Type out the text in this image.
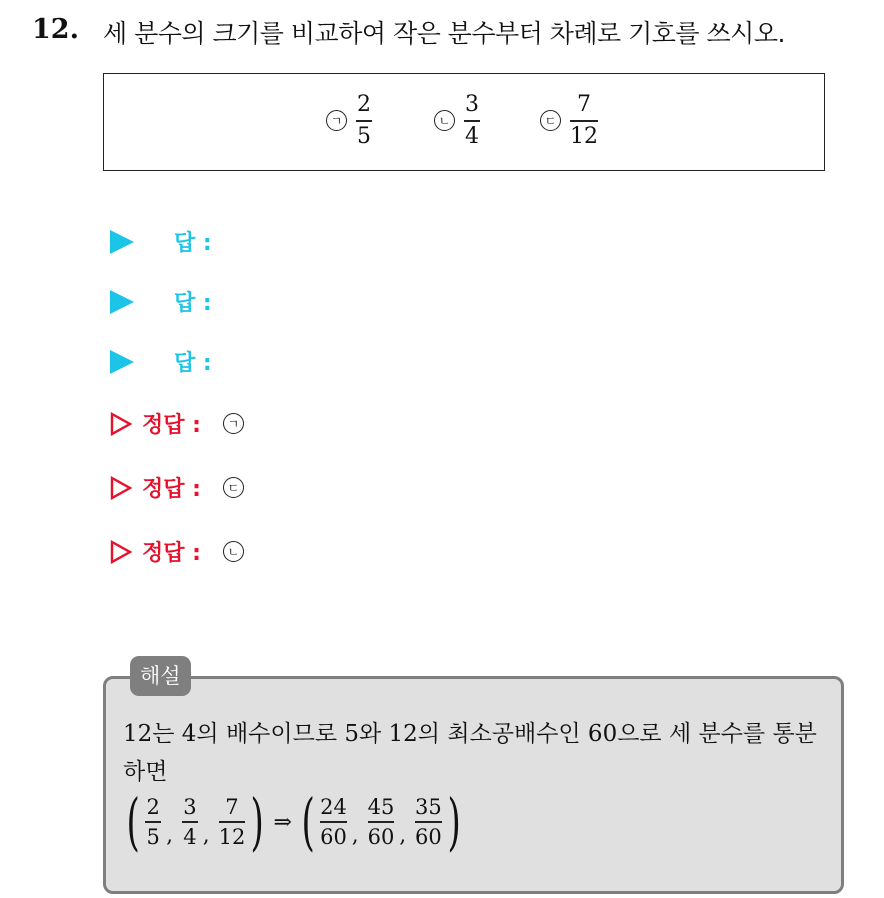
12. 세 분수의 크기를 비교하여 작은 분수부터 차례로 기호를 쓰시오.
ㄱ $\frac{2}{5}$	ㄴ $\frac{3}{4}$	ㄷ $\frac{7}{12}$
답 :
답 :
답 :
정답 :	ㄱ
정답 :	ㄷ
정답 :	ㄴ
해설
12는 4의 배수이므로 5와 12의 최소공배수인 60으로 세 분수를 통분하면
( $\frac{2}{5}$ , $\frac{3}{4}$ , $\frac{7}{12}$ ) ⇒ ( $\frac{24}{60}$ , $\frac{45}{60}$ , $\frac{35}{60}$ )
